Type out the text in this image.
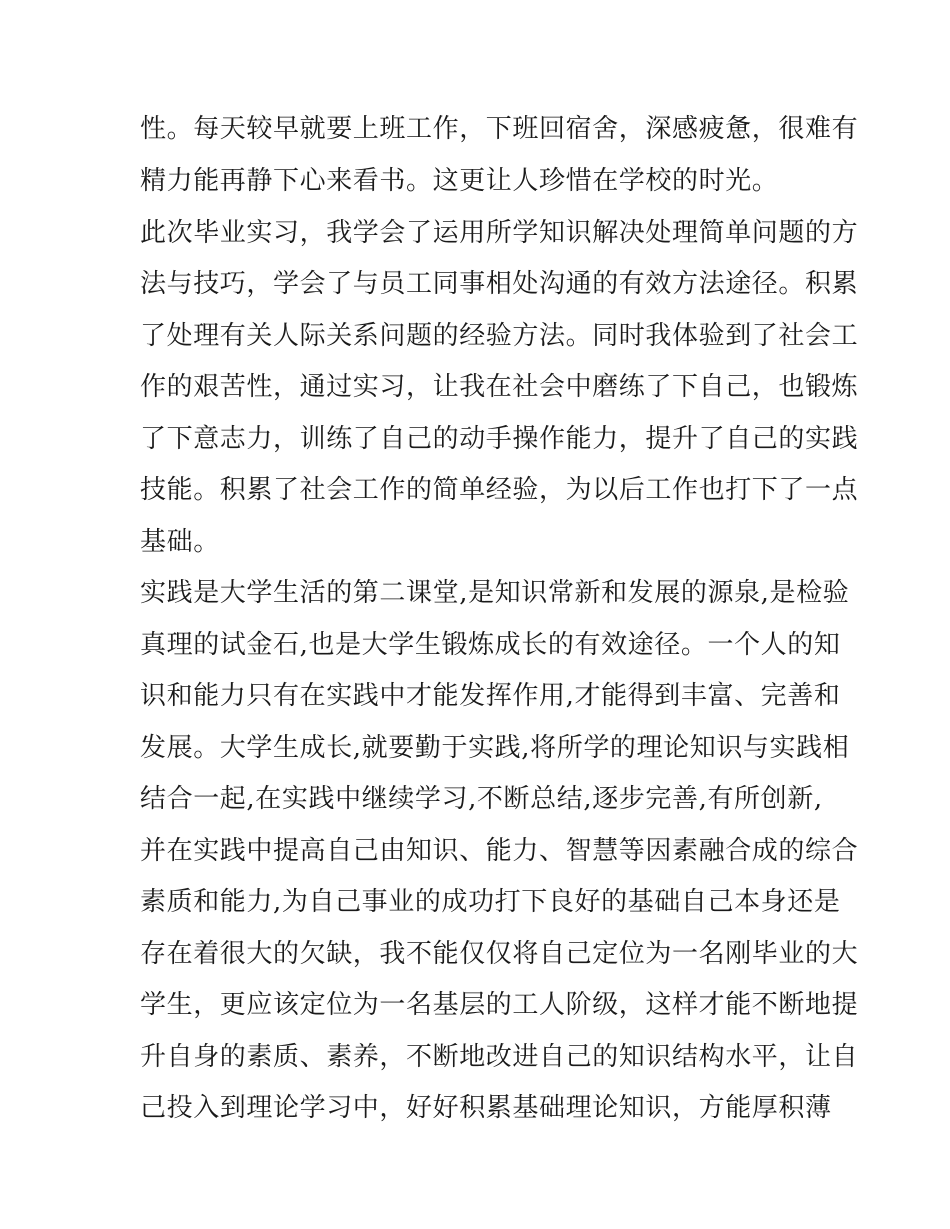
性。每天较早就要上班工作，下班回宿舍，深感疲惫，很难有

精力能再静下心来看书。这更让人珍惜在学校的时光。

此次毕业实习，我学会了运用所学知识解决处理简单问题的方

法与技巧，学会了与员工同事相处沟通的有效方法途径。积累

了处理有关人际关系问题的经验方法。同时我体验到了社会工

作的艰苦性，通过实习，让我在社会中磨练了下自己，也锻炼

了下意志力，训练了自己的动手操作能力，提升了自己的实践

技能。积累了社会工作的简单经验，为以后工作也打下了一点

基础。

实践是大学生活的第二课堂,是知识常新和发展的源泉,是检验

真理的试金石,也是大学生锻炼成长的有效途径。一个人的知

识和能力只有在实践中才能发挥作用,才能得到丰富、完善和

发展。大学生成长,就要勤于实践,将所学的理论知识与实践相

结合一起,在实践中继续学习,不断总结,逐步完善,有所创新,

并在实践中提高自己由知识、能力、智慧等因素融合成的综合

素质和能力,为自己事业的成功打下良好的基础自己本身还是

存在着很大的欠缺，我不能仅仅将自己定位为一名刚毕业的大

学生，更应该定位为一名基层的工人阶级，这样才能不断地提

升自身的素质、素养，不断地改进自己的知识结构水平，让自

己投入到理论学习中，好好积累基础理论知识，方能厚积薄
